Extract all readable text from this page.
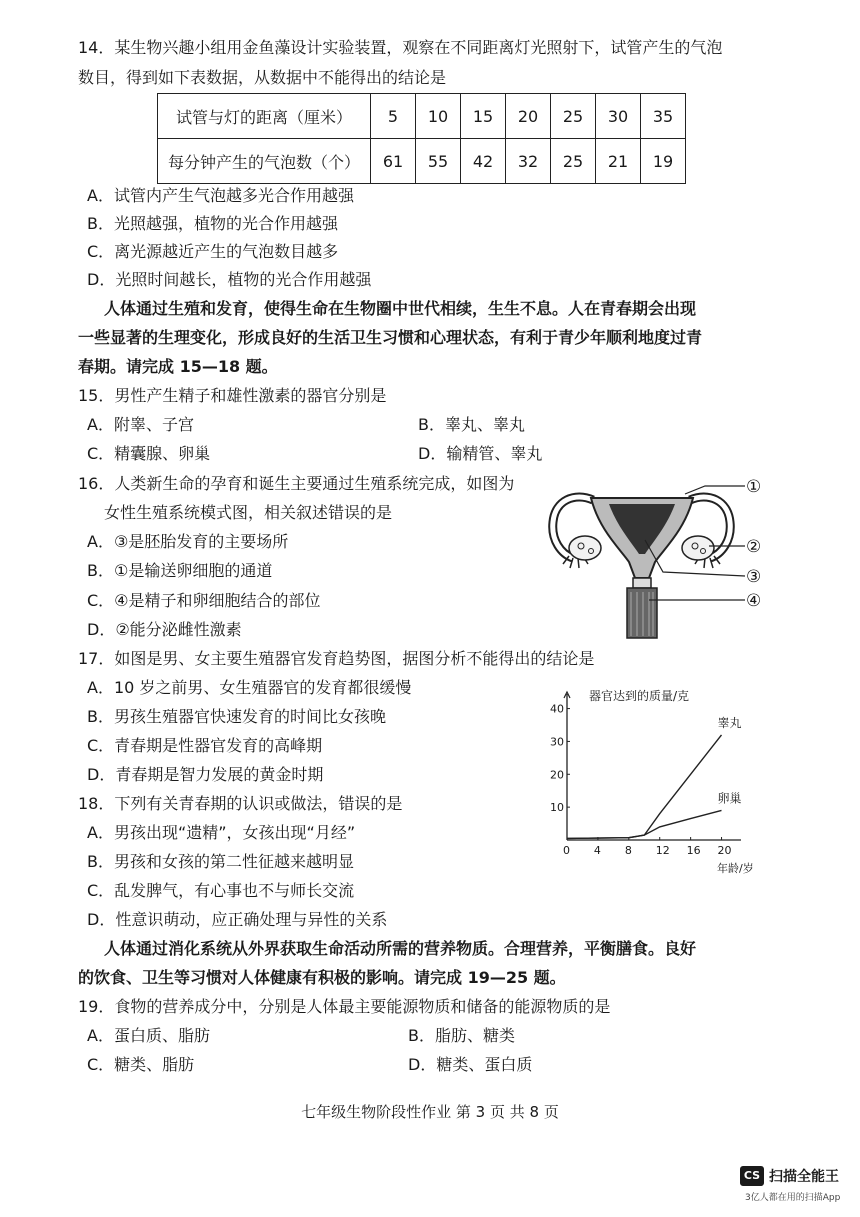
14．某生物兴趣小组用金鱼藻设计实验装置，观察在不同距离灯光照射下，试管产生的气泡
数目，得到如下表数据，从数据中不能得出的结论是
试管与灯的距离（厘米）	5	10	15	20	25	30	35
每分钟产生的气泡数（个）	61	55	42	32	25	21	19
A．试管内产生气泡越多光合作用越强
B．光照越强，植物的光合作用越强
C．离光源越近产生的气泡数目越多
D．光照时间越长，植物的光合作用越强
人体通过生殖和发育，使得生命在生物圈中世代相续，生生不息。人在青春期会出现
一些显著的生理变化，形成良好的生活卫生习惯和心理状态，有利于青少年顺利地度过青
春期。请完成 15—18 题。
15．男性产生精子和雄性激素的器官分别是
A．附睾、子宫	B．睾丸、睾丸
C．精囊腺、卵巢	D．输精管、睾丸
16．人类新生命的孕育和诞生主要通过生殖系统完成，如图为
女性生殖系统模式图，相关叙述错误的是
A．③是胚胎发育的主要场所
B．①是输送卵细胞的通道
C．④是精子和卵细胞结合的部位
D．②能分泌雌性激素
①
②
③
④
17．如图是男、女主要生殖器官发育趋势图，据图分析不能得出的结论是
A．10 岁之前男、女生殖器官的发育都很缓慢
B．男孩生殖器官快速发育的时间比女孩晚
C．青春期是性器官发育的高峰期
D．青春期是智力发展的黄金时期
器官达到的质量/克
年龄/岁
0 4 8 12 16 20
10
20
30
40
睾丸
卵巢
18．下列有关青春期的认识或做法，错误的是
A．男孩出现“遗精”，女孩出现“月经”
B．男孩和女孩的第二性征越来越明显
C．乱发脾气，有心事也不与师长交流
D．性意识萌动，应正确处理与异性的关系
人体通过消化系统从外界获取生命活动所需的营养物质。合理营养，平衡膳食。良好
的饮食、卫生等习惯对人体健康有积极的影响。请完成 19—25 题。
19．食物的营养成分中，分别是人体最主要能源物质和储备的能源物质的是
A．蛋白质、脂肪	B．脂肪、糖类
C．糖类、脂肪	D．糖类、蛋白质
七年级生物阶段性作业 第 3 页 共 8 页
CS 扫描全能王
3亿人都在用的扫描App
